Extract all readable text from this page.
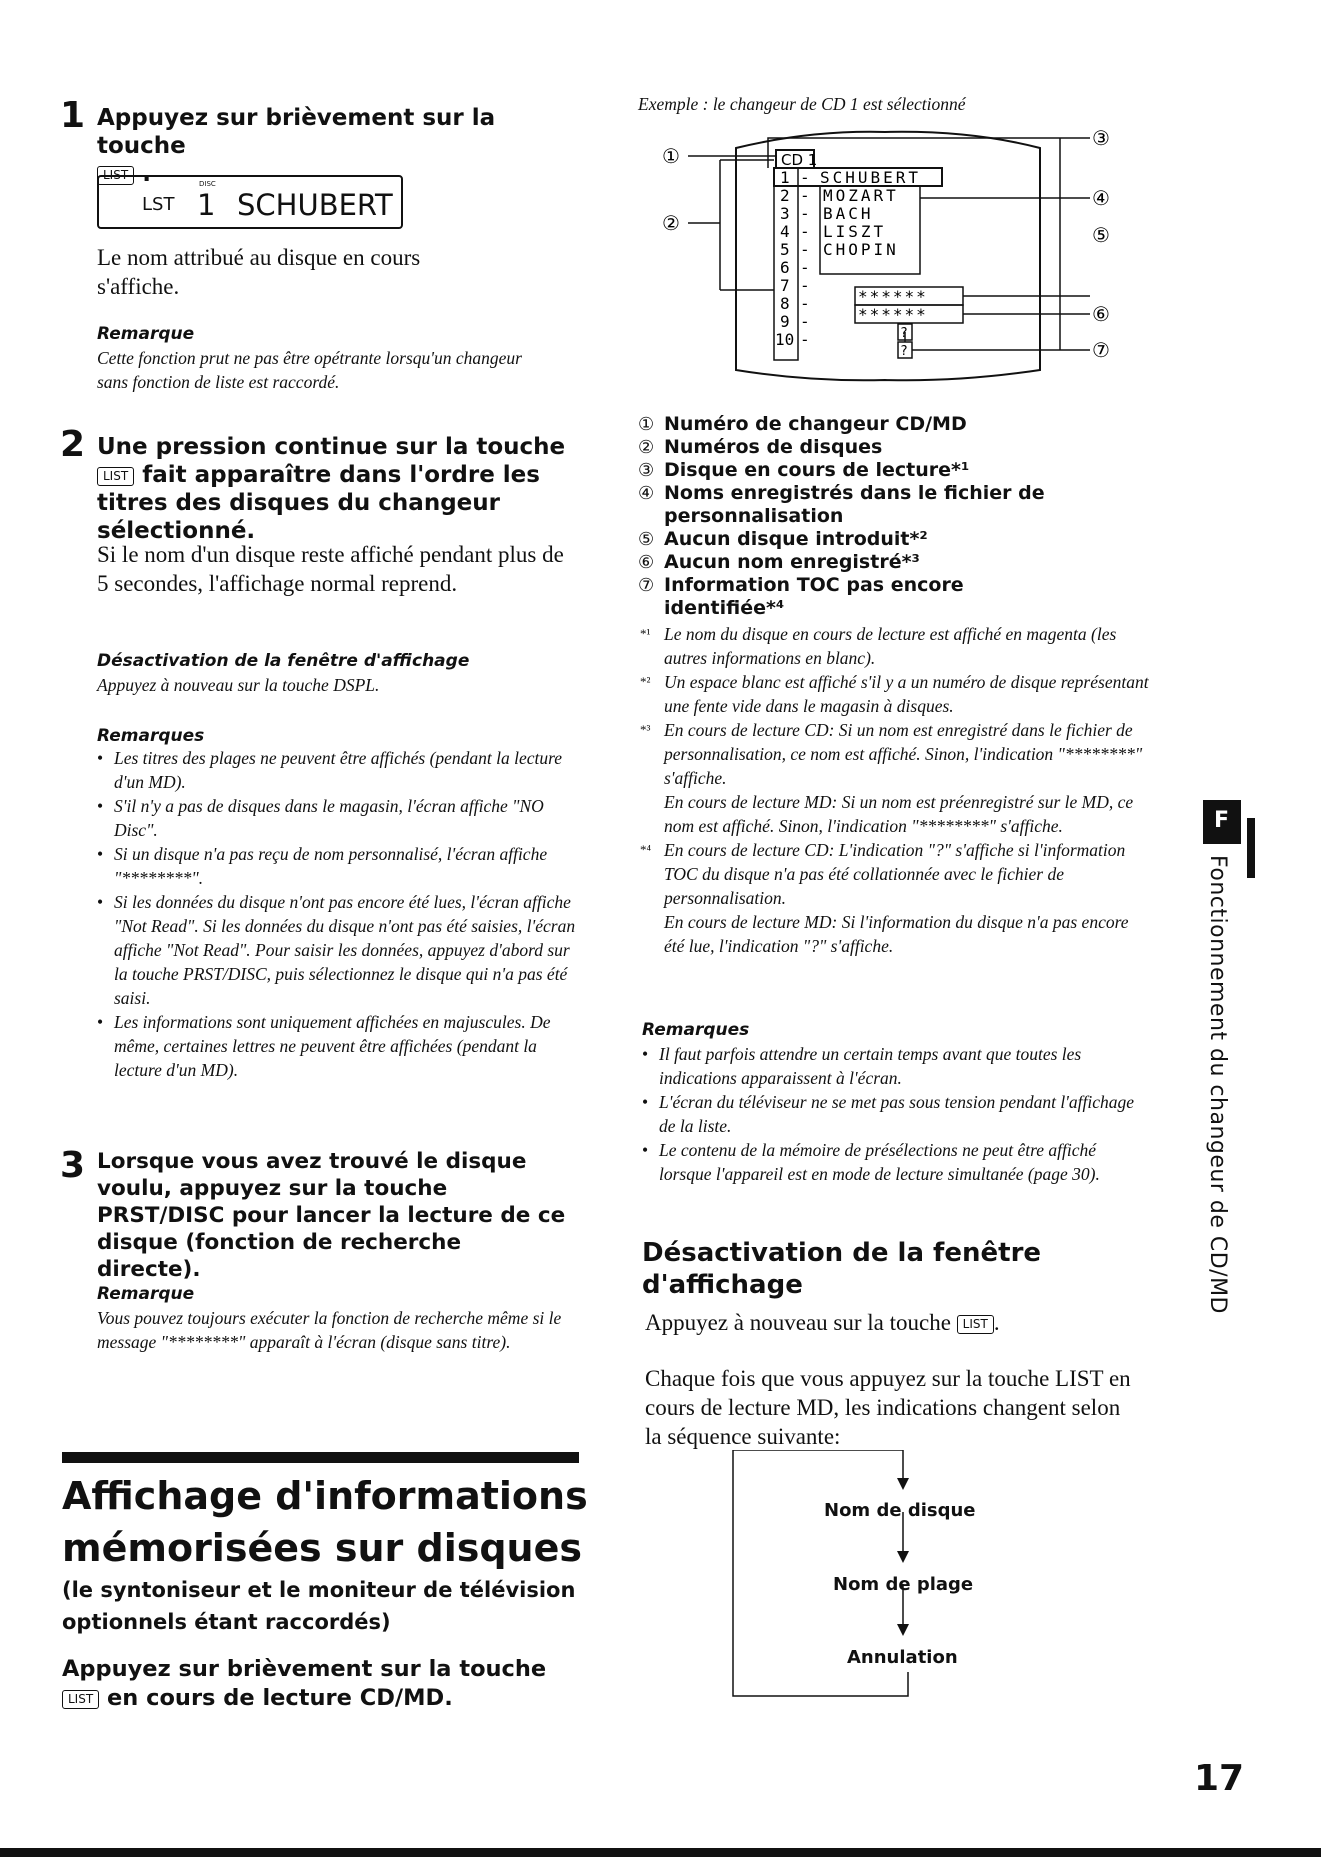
1 Appuyez sur brièvement sur la touche
LIST .
LST
DISC
1 SCHUBERT
Le nom attribué au disque en cours s'affiche.
Remarque
Cette fonction prut ne pas être opétrante lorsqu'un changeur sans fonction de liste est raccordé.
2 Une pression continue sur la touche
LIST fait apparaître dans l'ordre les titres des disques du changeur sélectionné.
Si le nom d'un disque reste affiché pendant plus de 5 secondes, l'affichage normal reprend.
Désactivation de la fenêtre d'affichage
Appuyez à nouveau sur la touche DSPL.
Remarques
• Les titres des plages ne peuvent être affichés (pendant la lecture d'un MD).
• S'il n'y a pas de disques dans le magasin, l'écran affiche "NO Disc".
• Si un disque n'a pas reçu de nom personnalisé, l'écran affiche "********".
• Si les données du disque n'ont pas encore été lues, l'écran affiche "Not Read". Si les données du disque n'ont pas été saisies, l'écran affiche "Not Read". Pour saisir les données, appuyez d'abord sur la touche PRST/DISC, puis sélectionnez le disque qui n'a pas été saisi.
• Les informations sont uniquement affichées en majuscules. De même, certaines lettres ne peuvent être affichées (pendant la lecture d'un MD).
3 Lorsque vous avez trouvé le disque voulu, appuyez sur la touche PRST/DISC pour lancer la lecture de ce disque (fonction de recherche directe).
Remarque
Vous pouvez toujours exécuter la fonction de recherche même si le message "********" apparaît à l'écran (disque sans titre).
Affichage d'informations
mémorisées sur disques
(le syntoniseur et le moniteur de télévision optionnels étant raccordés)
Appuyez sur brièvement sur la touche
LIST en cours de lecture CD/MD.
Exemple : le changeur de CD 1 est sélectionné
CD 1
1 - SCHUBERT
2 - MOZART
3 - BACH
4 - LISZT
5 - CHOPIN
6 -
7 -
******
8 -
******
9 -
?
10 -
?
①
②
③
④
⑤
⑥
⑦
① Numéro de changeur CD/MD
② Numéros de disques
③ Disque en cours de lecture*¹
④ Noms enregistrés dans le fichier de personnalisation
⑤ Aucun disque introduit*²
⑥ Aucun nom enregistré*³
⑦ Information TOC pas encore identifiée*⁴
*¹ Le nom du disque en cours de lecture est affiché en magenta (les autres informations en blanc).
*² Un espace blanc est affiché s'il y a un numéro de disque représentant une fente vide dans le magasin à disques.
*³ En cours de lecture CD: Si un nom est enregistré dans le fichier de personnalisation, ce nom est affiché. Sinon, l'indication "********" s'affiche.
En cours de lecture MD: Si un nom est préenregistré sur le MD, ce nom est affiché. Sinon, l'indication "********" s'affiche.
*⁴ En cours de lecture CD: L'indication "?" s'affiche si l'information TOC du disque n'a pas été collationnée avec le fichier de personnalisation.
En cours de lecture MD: Si l'information du disque n'a pas encore été lue, l'indication "?" s'affiche.
Remarques
• Il faut parfois attendre un certain temps avant que toutes les indications apparaissent à l'écran.
• L'écran du téléviseur ne se met pas sous tension pendant l'affichage de la liste.
• Le contenu de la mémoire de présélections ne peut être affiché lorsque l'appareil est en mode de lecture simultanée (page 30).
Désactivation de la fenêtre
d'affichage
Appuyez à nouveau sur la touche LIST .
Chaque fois que vous appuyez sur la touche LIST en cours de lecture MD, les indications changent selon la séquence suivante:
Nom de disque
Nom de plage
Annulation
F
Fonctionnement du changeur de CD/MD
17
